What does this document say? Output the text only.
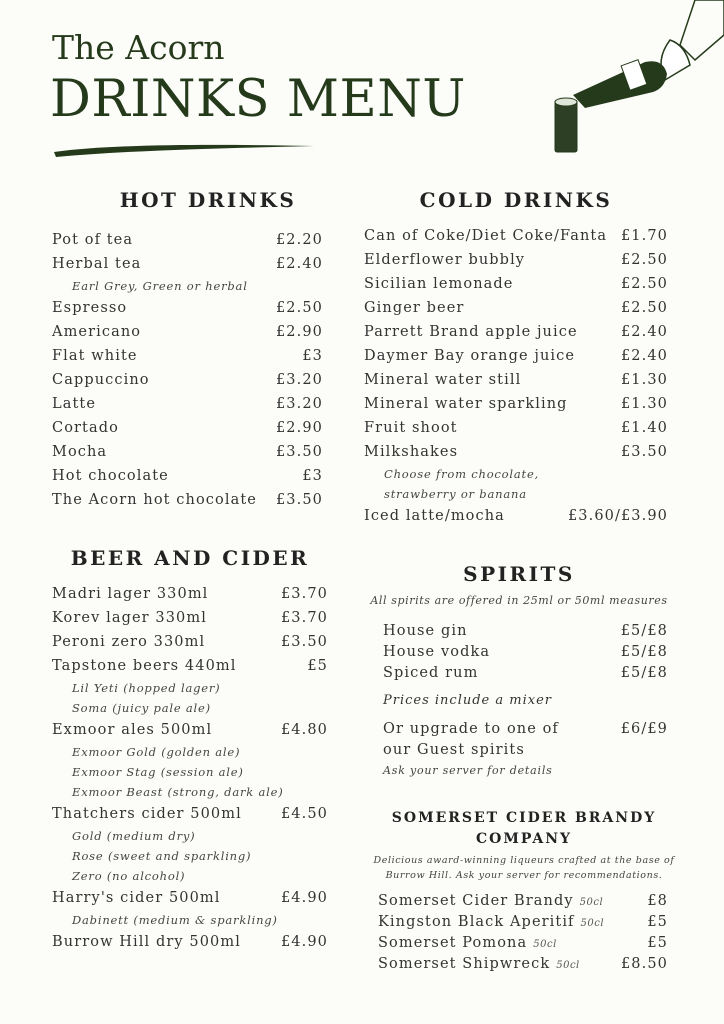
The Acorn
DRINKS MENU
HOT DRINKS
Pot of tea	£2.20
Herbal tea	£2.40
Earl Grey, Green or herbal
Espresso	£2.50
Americano	£2.90
Flat white	£3
Cappuccino	£3.20
Latte	£3.20
Cortado	£2.90
Mocha	£3.50
Hot chocolate	£3
The Acorn hot chocolate £3.50
BEER AND CIDER
Madri lager 330ml	£3.70
Korev lager 330ml	£3.70
Peroni zero 330ml	£3.50
Tapstone beers 440ml	£5
Lil Yeti (hopped lager)
Soma (juicy pale ale)
Exmoor ales 500ml	£4.80
Exmoor Gold (golden ale)
Exmoor Stag (session ale)
Exmoor Beast (strong, dark ale)
Thatchers cider 500ml	£4.50
Gold (medium dry)
Rose (sweet and sparkling)
Zero (no alcohol)
Harry's cider 500ml	£4.90
Dabinett (medium & sparkling)
Burrow Hill dry 500ml	£4.90
COLD DRINKS
Can of Coke/Diet Coke/Fanta £1.70
Elderflower bubbly	£2.50
Sicilian lemonade	£2.50
Ginger beer	£2.50
Parrett Brand apple juice	£2.40
Daymer Bay orange juice	£2.40
Mineral water still	£1.30
Mineral water sparkling	£1.30
Fruit shoot	£1.40
Milkshakes	£3.50
Choose from chocolate,
strawberry or banana
Iced latte/mocha	£3.60/£3.90
SPIRITS
All spirits are offered in 25ml or 50ml measures
House gin	£5/£8
House vodka	£5/£8
Spiced rum	£5/£8
Prices include a mixer
Or upgrade to one of	£6/£9
our Guest spirits
Ask your server for details
SOMERSET CIDER BRANDY
COMPANY
Delicious award-winning liqueurs crafted at the base of
Burrow Hill. Ask your server for recommendations.
Somerset Cider Brandy 50cl	£8
Kingston Black Aperitif 50cl	£5
Somerset Pomona 50cl	£5
Somerset Shipwreck 50cl	£8.50
